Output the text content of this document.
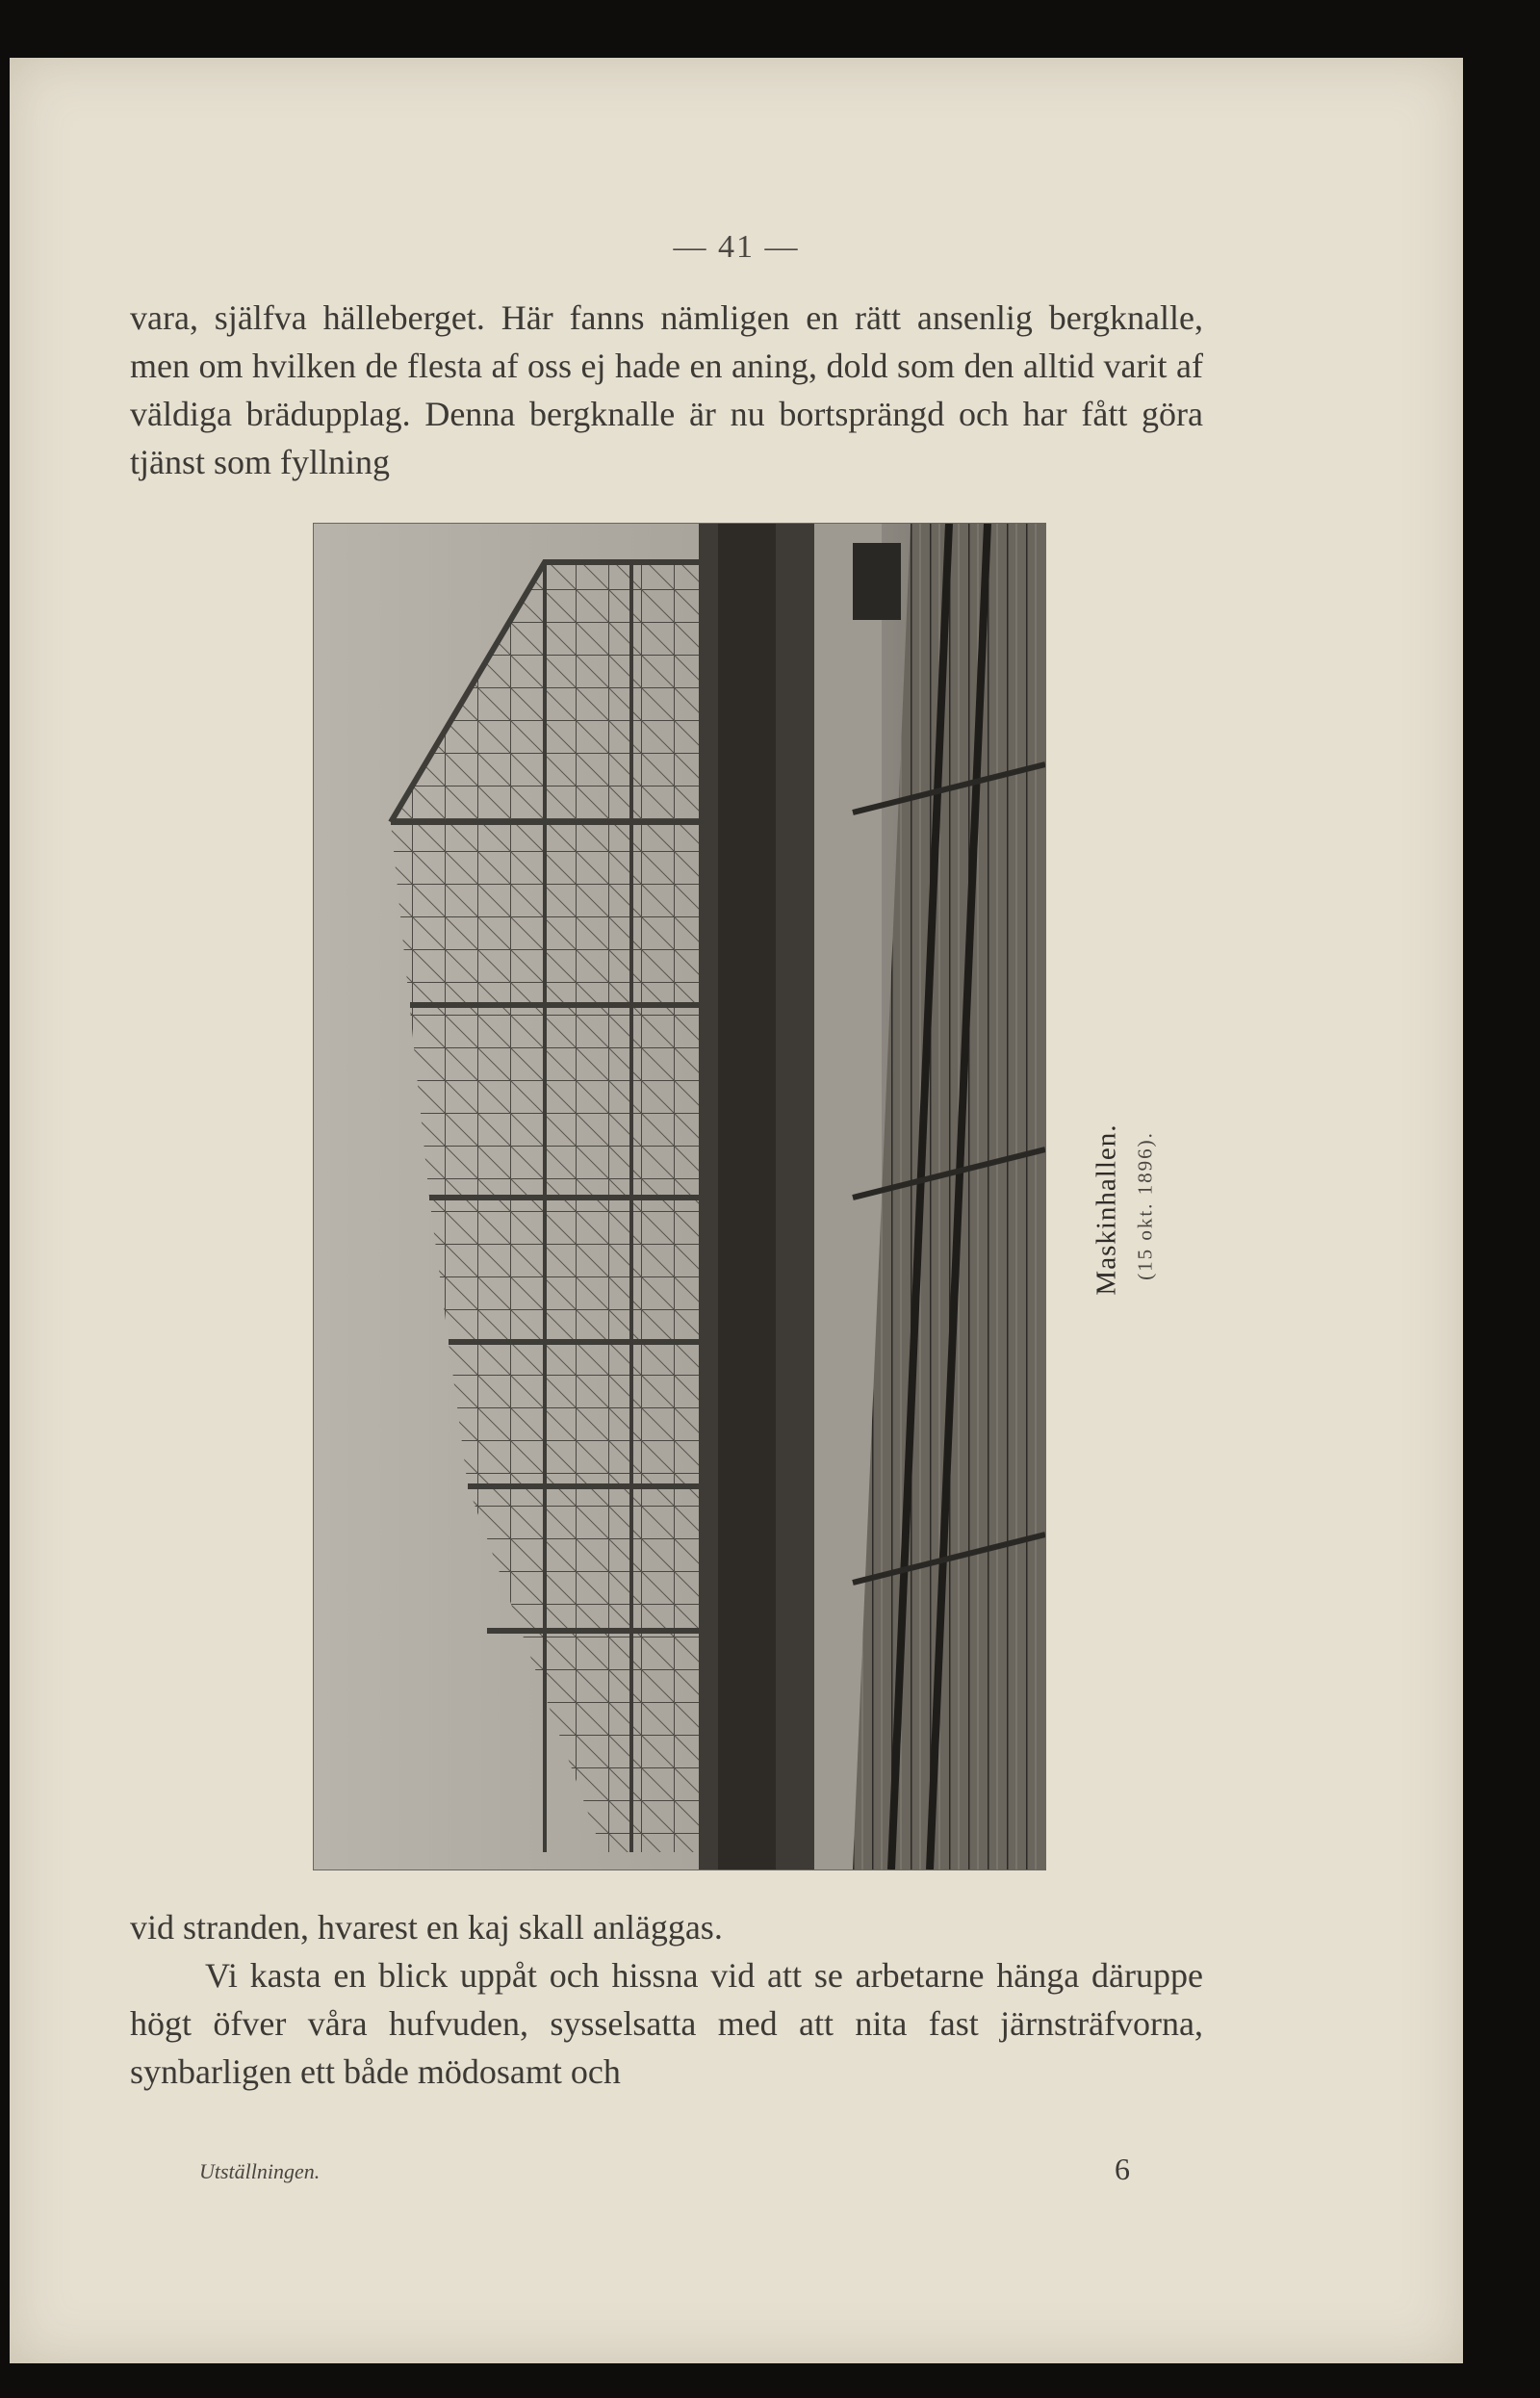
— 41 —

vara, själfva hälleberget. Här fanns nämligen en rätt ansenlig bergknalle, men om hvilken de flesta af oss ej hade en aning, dold som den alltid varit af väldiga brädupplag. Denna bergknalle är nu bortsprängd och har fått göra tjänst som fyllning

Maskinhallen. (15 okt. 1896).

vid stranden, hvarest en kaj skall anläggas.

Vi kasta en blick uppåt och hissna vid att se arbetarne hänga däruppe högt öfver våra hufvuden, sysselsatta med att nita fast järnsträfvorna, synbarligen ett både mödosamt och

Utställningen.	6
